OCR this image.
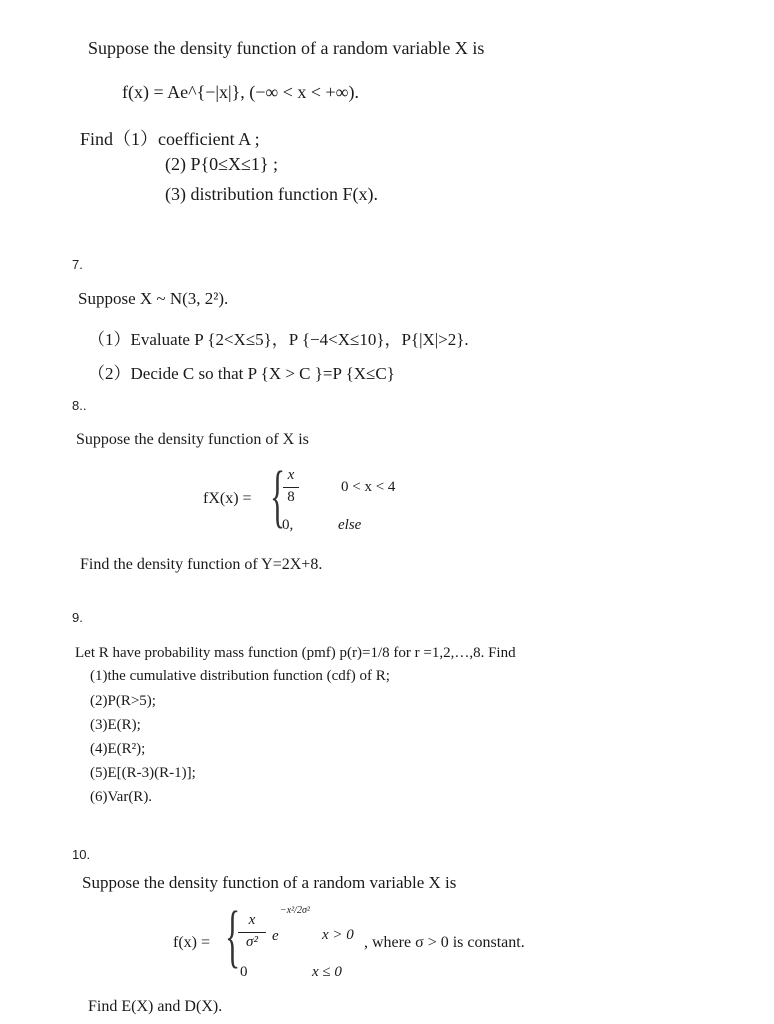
Suppose the density function of a random variable X is
f(x) = Ae^{−|x|}, (−∞ < x < +∞).
Find（1）coefficient A ;
(2) P{0≤X≤1} ;
(3) distribution function F(x).
7.
Suppose X ~ N(3, 2²).
（1）Evaluate P {2<X≤5}，P {−4<X≤10}，P{|X|>2}.
（2）Decide C so that P {X > C }=P {X≤C}
8..
Suppose the density function of X is
fX(x) = { x
8
0 < x < 4
0,	else
Find the density function of Y=2X+8.
9.
Let R have probability mass function (pmf) p(r)=1/8 for r =1,2,…,8. Find
(1)the cumulative distribution function (cdf) of R;
(2)P(R>5);
(3)E(R);
(4)E(R²);
(5)E[(R-3)(R-1)];
(6)Var(R).
10.
Suppose the density function of a random variable X is
f(x) = { x
σ² e
−x²/2σ²
x > 0 , where σ > 0 is constant.
0	x ≤ 0
Find E(X) and D(X).
